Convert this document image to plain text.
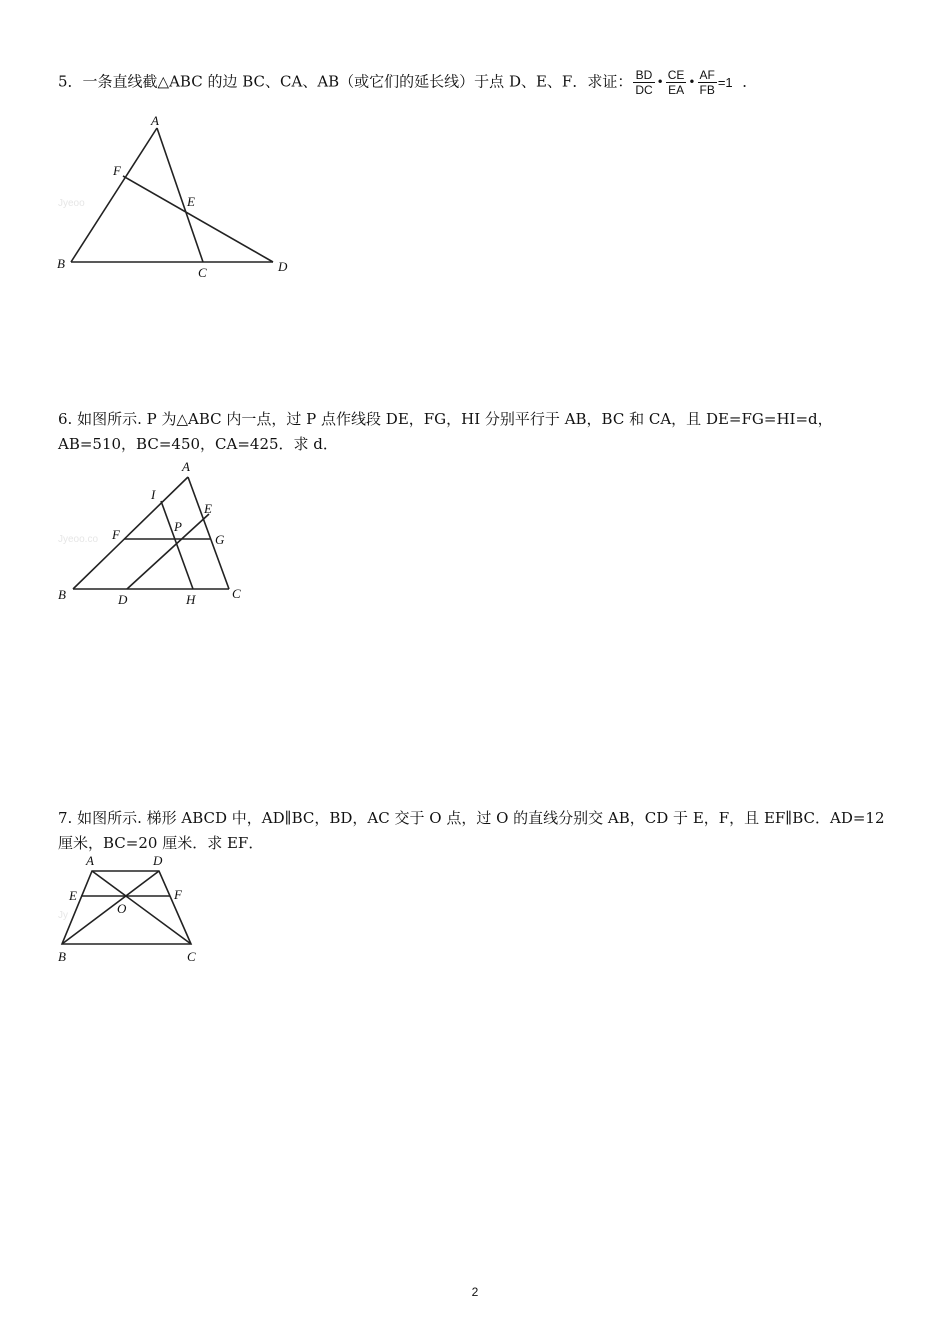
5．一条直线截△ABC 的边 BC、CA、AB（或它们的延长线）于点 D、E、F．求证： $\frac{BD}{DC}$ • $\frac{CE}{EA}$ • $\frac{AF}{FB} =1$ ．
Jyeoo
A
B
C	D
E
F
6. 如图所示. P 为△ABC 内一点，过 P 点作线段 DE，FG，HI 分别平行于 AB，BC 和 CA，且 DE=FG=HI=d，AB=510，BC=450，CA=425．求 d．
Jyeoo.co
A
B	C
D
E
F	G
H
I
P
7. 如图所示. 梯形 ABCD 中，AD∥BC，BD，AC 交于 O 点，过 O 的直线分别交 AB，CD 于 E，F，且 EF∥BC．AD=12 厘米，BC=20 厘米．求 EF．
Jy
A	D
E	F
O
B	C
2
